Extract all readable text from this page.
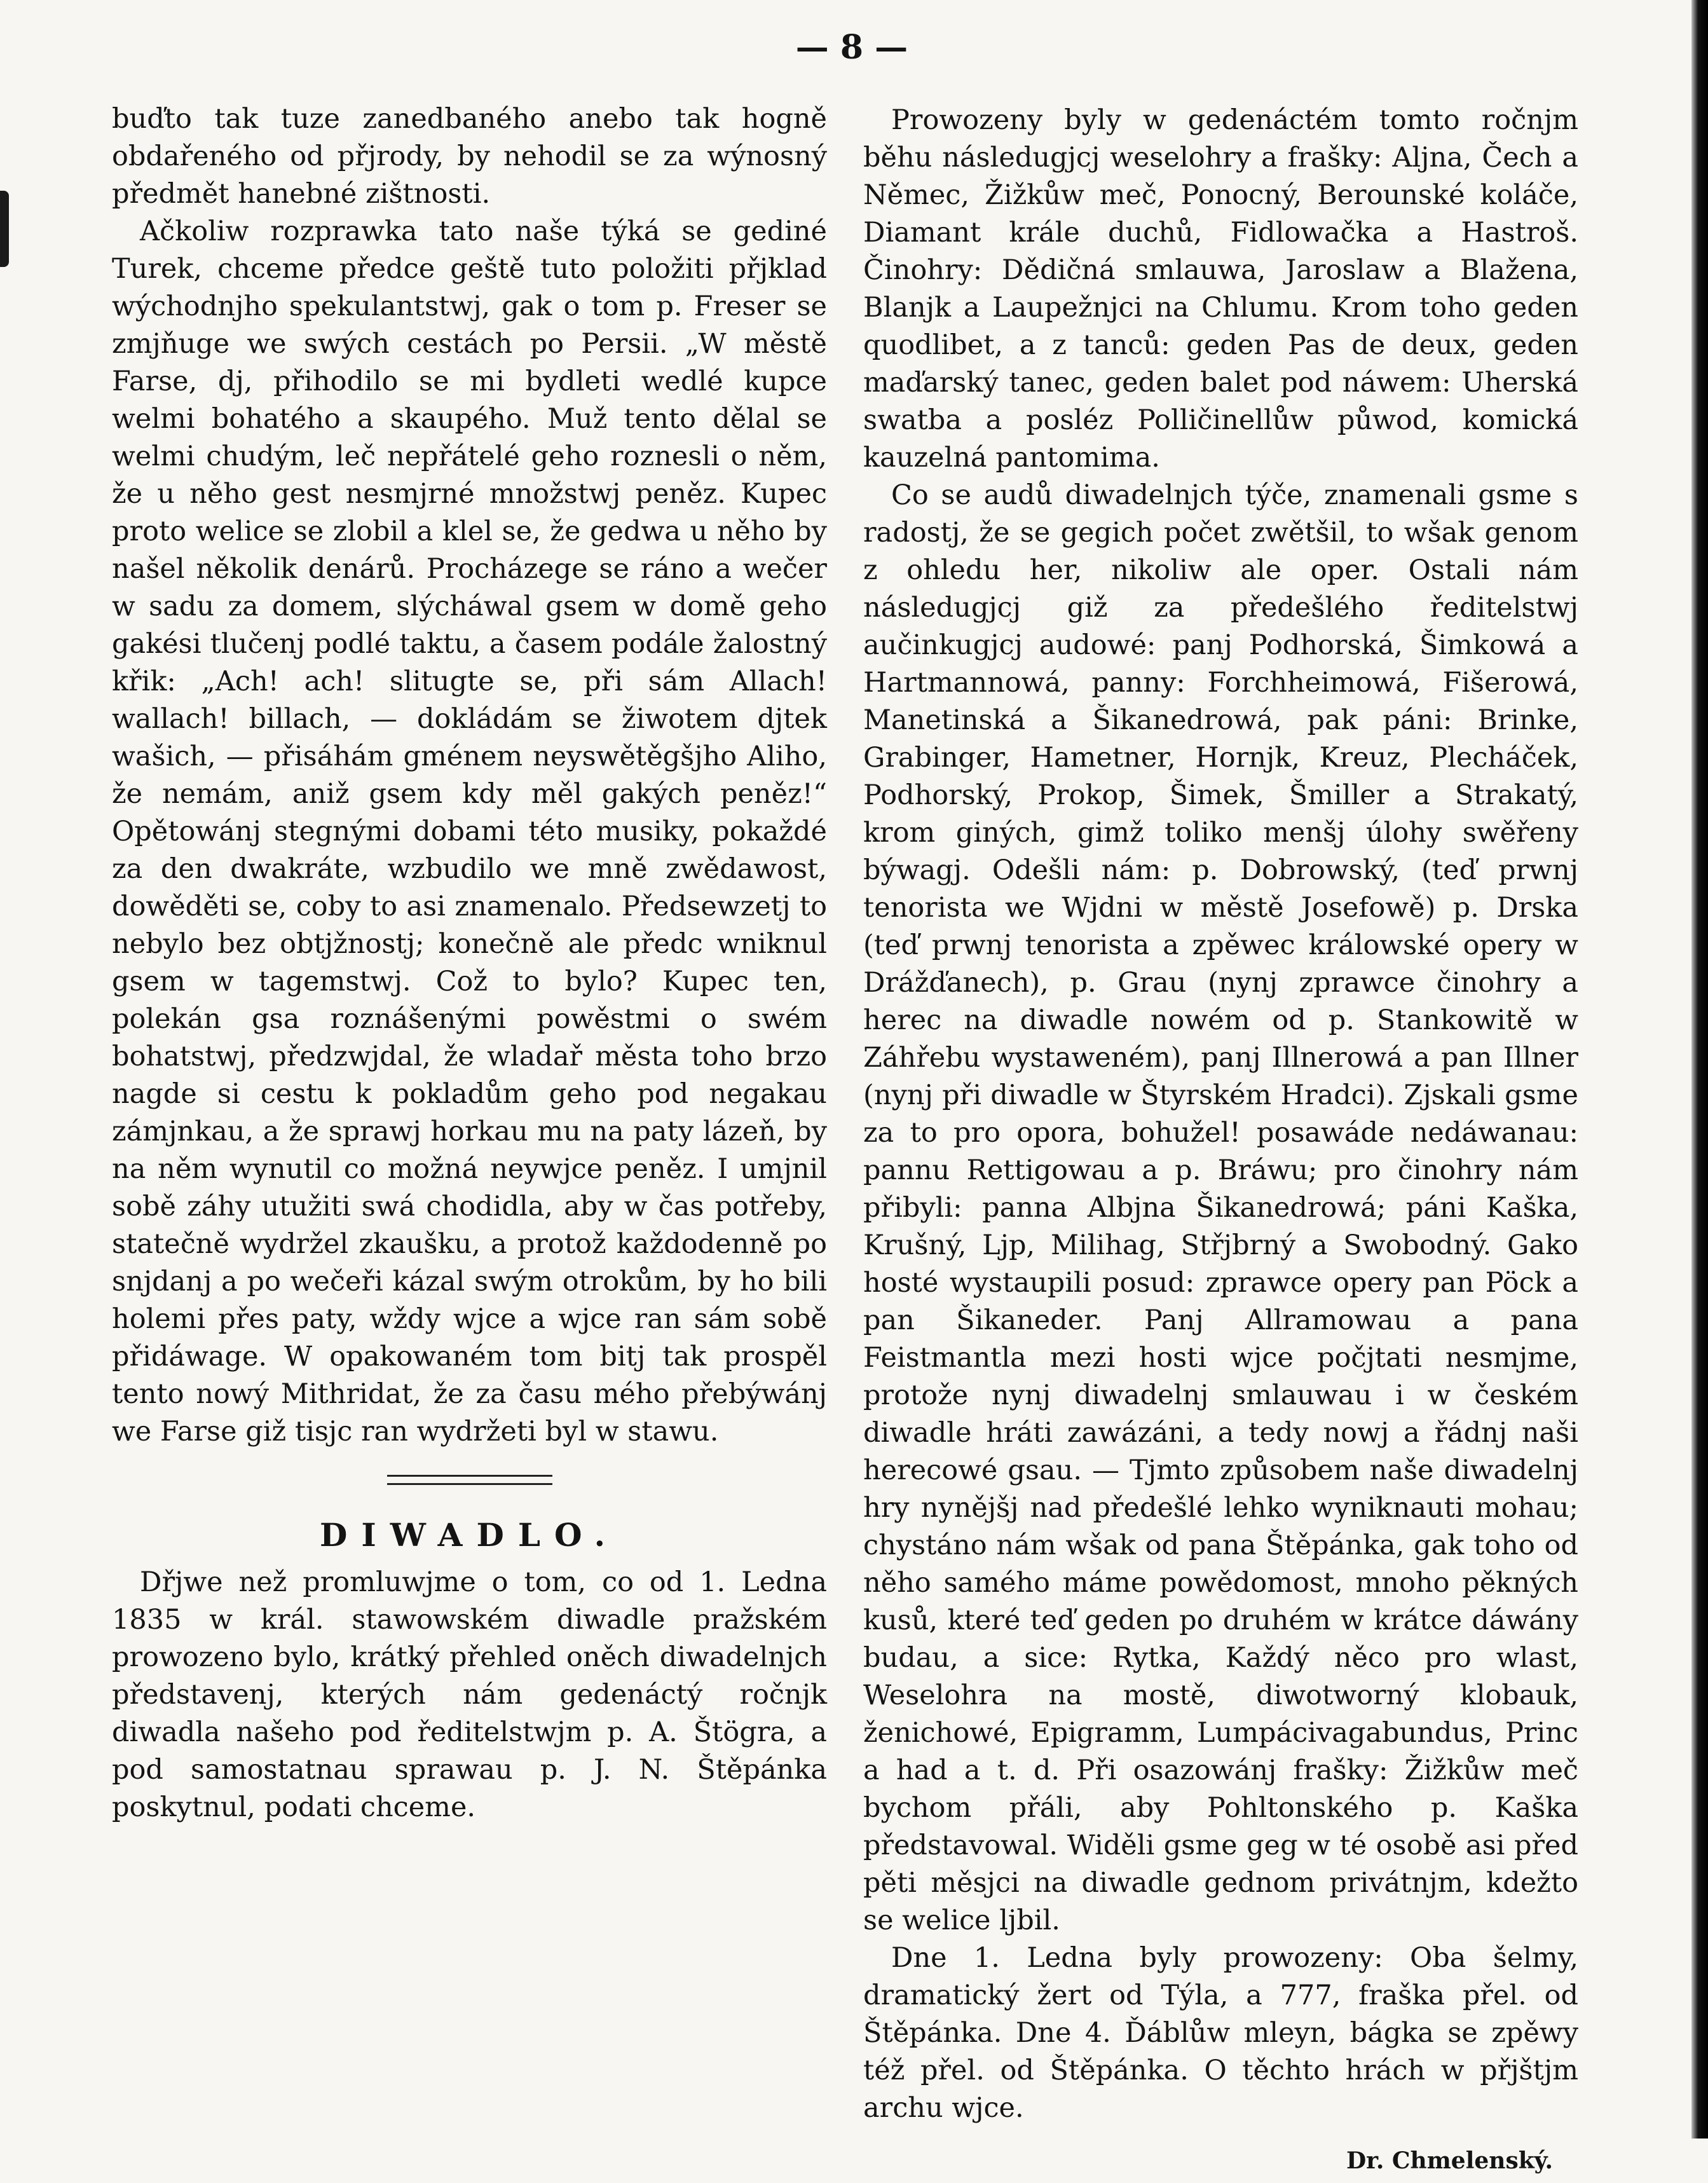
— 8 —

buďto tak tuze zanedbaného anebo tak hogně obdařeného od přjrody, by nehodil se za wýnosný předmět hanebné zištnosti.

Ačkoliw rozprawka tato naše týká se gediné Turek, chceme předce geště tuto položiti přjklad wýchodnjho spekulantstwj, gak o tom p. Freser se zmjňuge we swých cestách po Persii. „W městě Farse, dj, přihodilo se mi bydleti wedlé kupce welmi bohatého a skaupého. Muž tento dělal se welmi chudým, leč nepřátelé geho roznesli o něm, že u něho gest nesmjrné množstwj peněz. Kupec proto welice se zlobil a klel se, že gedwa u něho by našel několik denárů. Procházege se ráno a wečer w sadu za domem, slýcháwal gsem w domě geho gakési tlučenj podlé taktu, a časem podále žalostný křik: „Ach! ach! slitugte se, při sám Allach! wallach! billach, — dokládám se žiwotem djtek wašich, — přisáhám gménem neyswětěgšjho Aliho, že nemám, aniž gsem kdy měl gakých peněz!“ Opětowánj stegnými dobami této musiky, pokaždé za den dwakráte, wzbudilo we mně zwědawost, dowěděti se, coby to asi znamenalo. Předsewzetj to nebylo bez obtjžnostj; konečně ale předc wniknul gsem w tagemstwj. Což to bylo? Kupec ten, polekán gsa roznášenými powěstmi o swém bohatstwj, předzwjdal, že wladař města toho brzo nagde si cestu k pokladům geho pod negakau zámjnkau, a že sprawj horkau mu na paty lázeň, by na něm wynutil co možná neywjce peněz. I umjnil sobě záhy utužiti swá chodidla, aby w čas potřeby, statečně wydržel zkaušku, a protož každodenně po snjdanj a po wečeři kázal swým otrokům, by ho bili holemi přes paty, wždy wjce a wjce ran sám sobě přidáwage. W opakowaném tom bitj tak prospěl tento nowý Mithridat, že za času mého přebýwánj we Farse giž tisjc ran wydržeti byl w stawu.

DIWADLO.

Dřjwe než promluwjme o tom, co od 1. Ledna 1835 w král. stawowském diwadle pražském prowozeno bylo, krátký přehled oněch diwadelnjch představenj, kterých nám gedenáctý ročnjk diwadla našeho pod ředitelstwjm p. A. Štögra, a pod samostatnau sprawau p. J. N. Štěpánka poskytnul, podati chceme.

Prowozeny byly w gedenáctém tomto ročnjm běhu následugjcj weselohry a frašky: Aljna, Čech a Němec, Žižkůw meč, Ponocný, Berounské koláče, Diamant krále duchů, Fidlowačka a Hastroš. Činohry: Dědičná smlauwa, Jaroslaw a Blažena, Blanjk a Laupežnjci na Chlumu. Krom toho geden quodlibet, a z tanců: geden Pas de deux, geden maďarský tanec, geden balet pod náwem: Uherská swatba a posléz Polličinellůw půwod, komická kauzelná pantomima.

Co se audů diwadelnjch týče, znamenali gsme s radostj, že se gegich počet zwětšil, to wšak genom z ohledu her, nikoliw ale oper. Ostali nám následugjcj giž za předešlého ředitelstwj aučinkugjcj audowé: panj Podhorská, Šimkowá a Hartmannowá, panny: Forchheimowá, Fišerowá, Manetinská a Šikanedrowá, pak páni: Brinke, Grabinger, Hametner, Hornjk, Kreuz, Plecháček, Podhorský, Prokop, Šimek, Šmiller a Strakatý, krom giných, gimž toliko menšj úlohy swěřeny býwagj. Odešli nám: p. Dobrowský, (teď prwnj tenorista we Wjdni w městě Josefowě) p. Drska (teď prwnj tenorista a zpěwec králowské opery w Drážďanech), p. Grau (nynj zprawce činohry a herec na diwadle nowém od p. Stankowitě w Záhřebu wystaweném), panj Illnerowá a pan Illner (nynj při diwadle w Štyrském Hradci). Zjskali gsme za to pro opora, bohužel! posawáde nedáwanau: pannu Rettigowau a p. Bráwu; pro činohry nám přibyli: panna Albjna Šikanedrowá; páni Kaška, Krušný, Ljp, Milihag, Střjbrný a Swobodný. Gako hosté wystaupili posud: zprawce opery pan Pöck a pan Šikaneder. Panj Allramowau a pana Feistmantla mezi hosti wjce počjtati nesmjme, protože nynj diwadelnj smlauwau i w českém diwadle hráti zawázáni, a tedy nowj a řádnj naši herecowé gsau. — Tjmto způsobem naše diwadelnj hry nynějšj nad předešlé lehko wyniknauti mohau; chystáno nám wšak od pana Štěpánka, gak toho od něho samého máme powědomost, mnoho pěkných kusů, které teď geden po druhém w krátce dáwány budau, a sice: Rytka, Každý něco pro wlast, Weselohra na mostě, diwotworný klobauk, ženichowé, Epigramm, Lumpácivagabundus, Princ a had a t. d. Při osazowánj frašky: Žižkůw meč bychom přáli, aby Pohltonského p. Kaška představowal. Widěli gsme geg w té osobě asi před pěti měsjci na diwadle gednom privátnjm, kdežto se welice ljbil.

Dne 1. Ledna byly prowozeny: Oba šelmy, dramatický žert od Týla, a 777, fraška přel. od Štěpánka. Dne 4. Ďáblůw mleyn, bágka se zpěwy též přel. od Štěpánka. O těchto hrách w přjštjm archu wjce.

Dr. Chmelenský.
